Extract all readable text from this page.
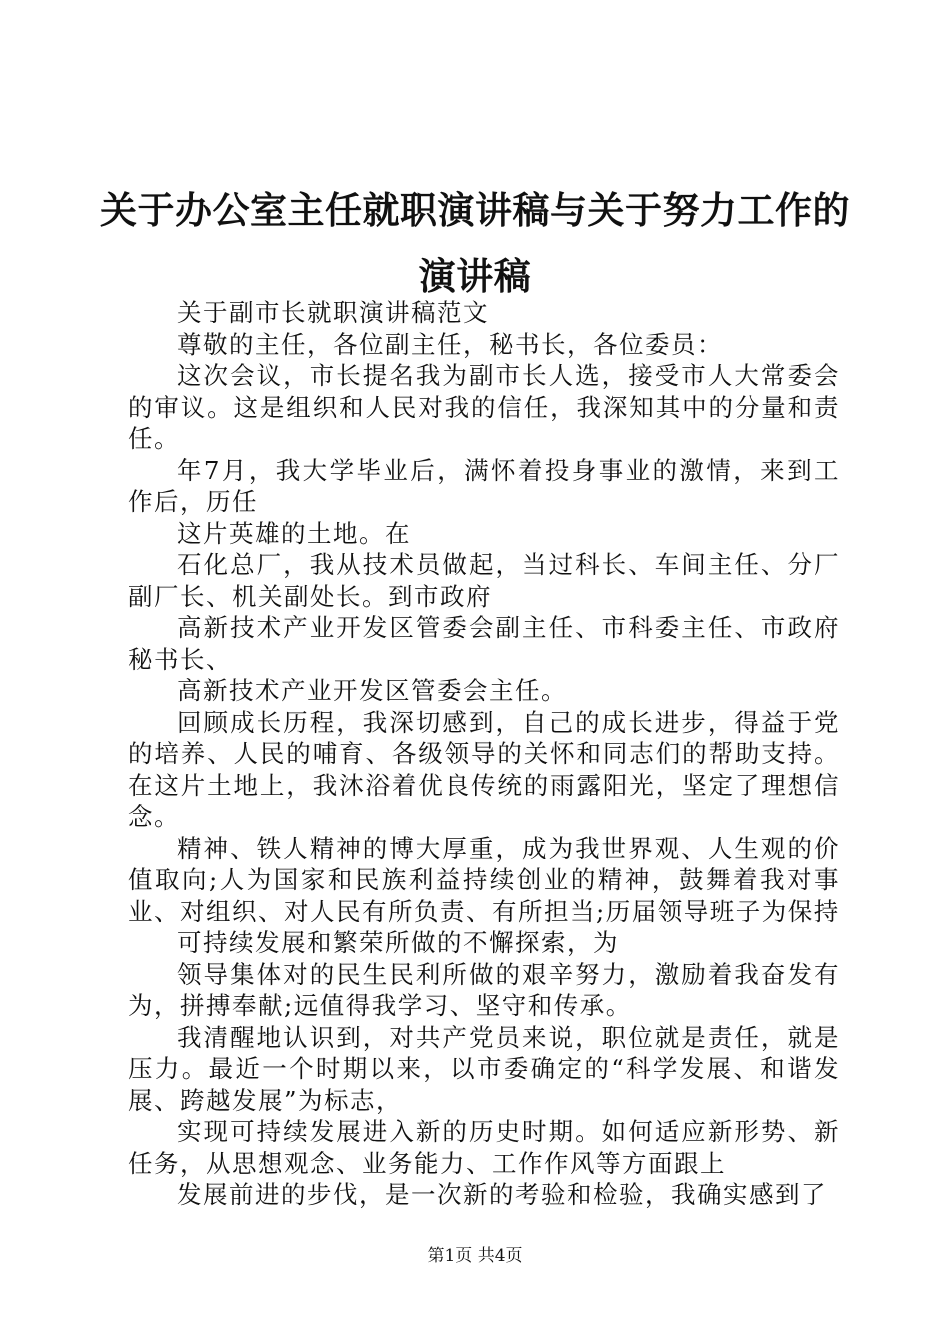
关于办公室主任就职演讲稿与关于努力工作的
演讲稿

关于副市长就职演讲稿范文

尊敬的主任，各位副主任，秘书长，各位委员：

这次会议，市长提名我为副市长人选，接受市人大常委会的审议。这是组织和人民对我的信任，我深知其中的分量和责任。

年7月，我大学毕业后，满怀着投身事业的激情，来到工作后，历任

这片英雄的土地。在

石化总厂，我从技术员做起，当过科长、车间主任、分厂副厂长、机关副处长。到市政府

高新技术产业开发区管委会副主任、市科委主任、市政府秘书长、

高新技术产业开发区管委会主任。

回顾成长历程，我深切感到，自己的成长进步，得益于党的培养、人民的哺育、各级领导的关怀和同志们的帮助支持。在这片土地上，我沐浴着优良传统的雨露阳光，坚定了理想信念。

精神、铁人精神的博大厚重，成为我世界观、人生观的价值取向;人为国家和民族利益持续创业的精神，鼓舞着我对事业、对组织、对人民有所负责、有所担当;历届领导班子为保持

可持续发展和繁荣所做的不懈探索，为

领导集体对的民生民利所做的艰辛努力，激励着我奋发有为，拼搏奉献;远值得我学习、坚守和传承。

我清醒地认识到，对共产党员来说，职位就是责任，就是压力。最近一个时期以来，以市委确定的“科学发展、和谐发展、跨越发展”为标志，

实现可持续发展进入新的历史时期。如何适应新形势、新任务，从思想观念、业务能力、工作作风等方面跟上

发展前进的步伐，是一次新的考验和检验，我确实感到了

第1页 共4页
